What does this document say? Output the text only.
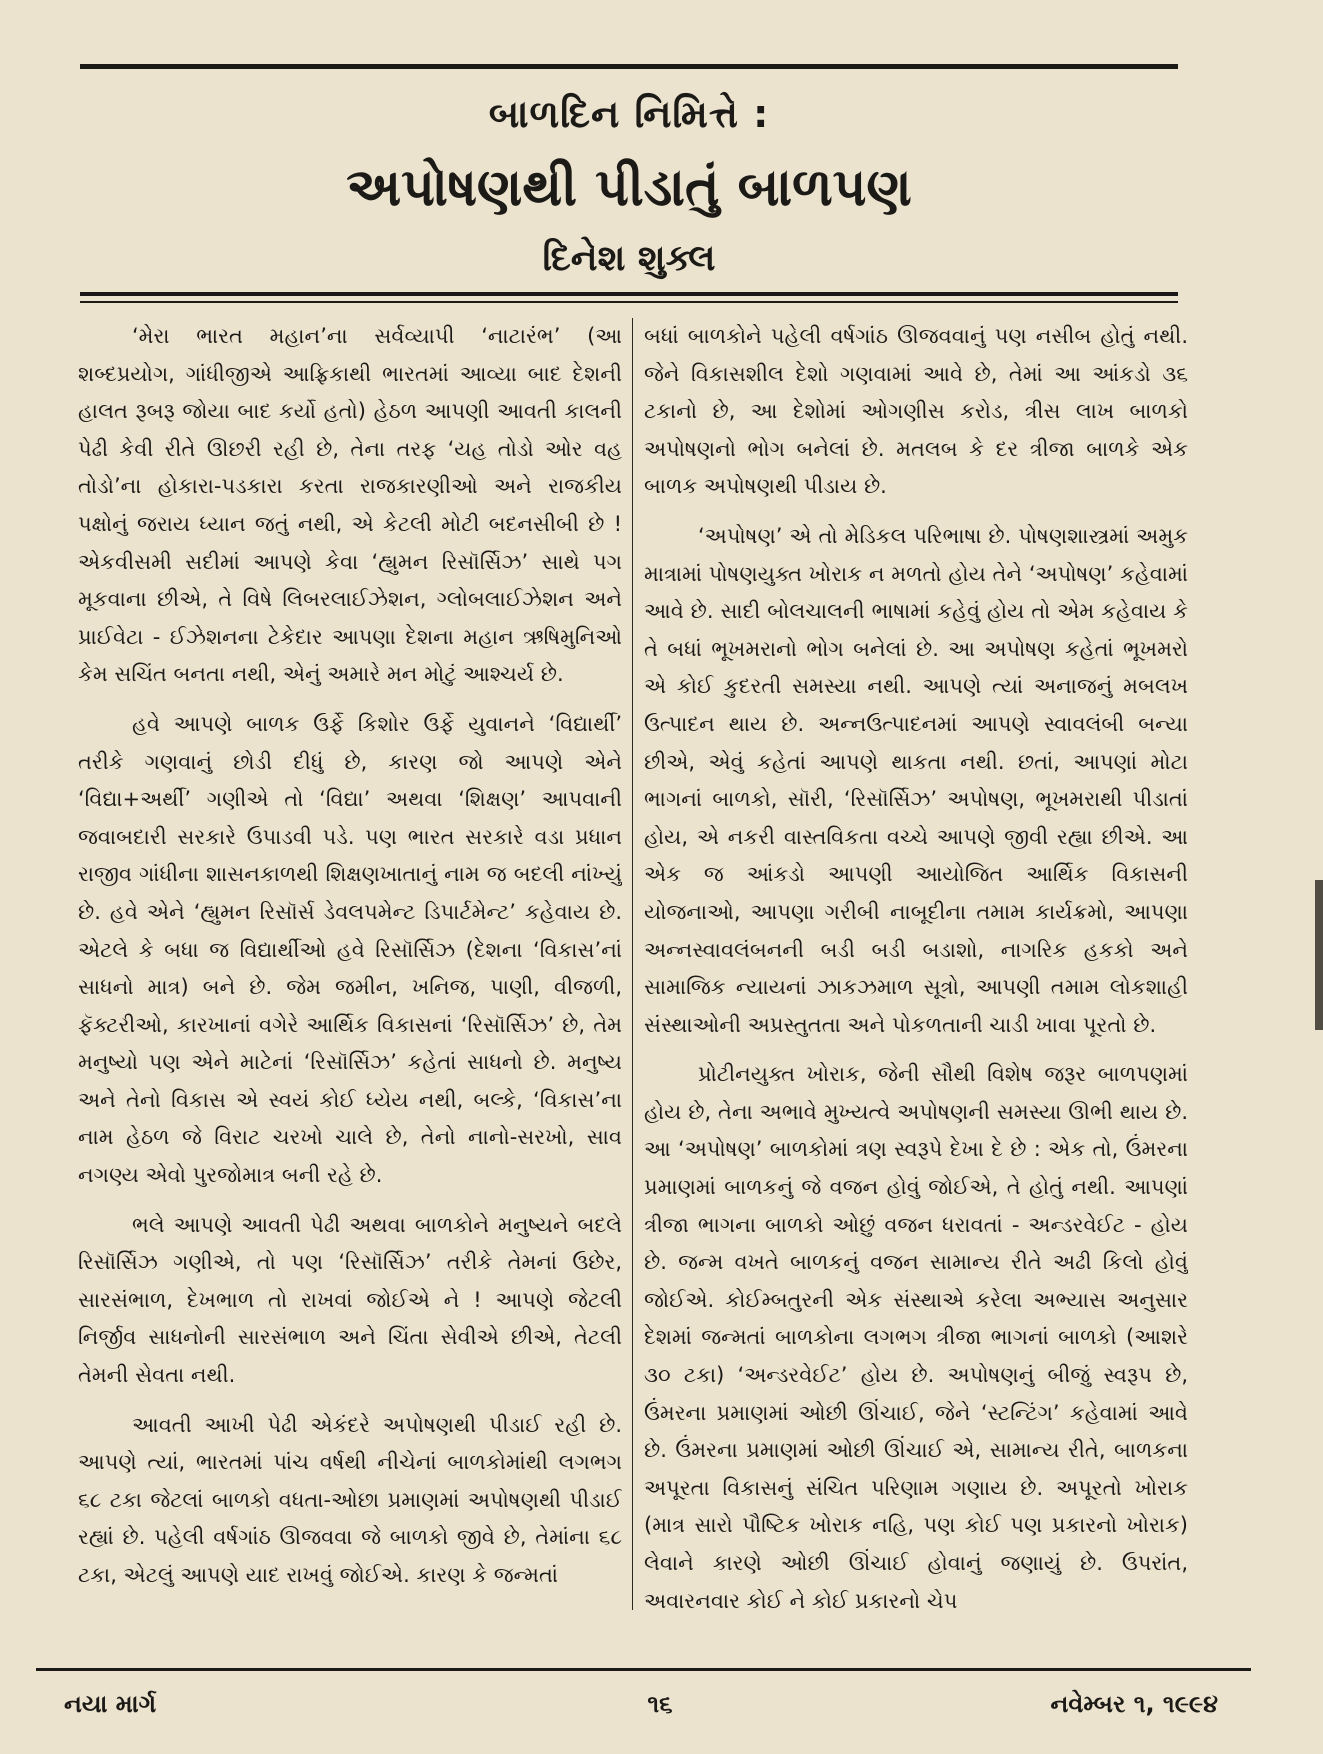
બાળદિન નિમિત્તે :
અપોષણથી પીડાતું બાળપણ
દિનેશ શુક્લ

‘મેરા ભારત મહાન’ના સર્વવ્યાપી ‘નાટારંભ’ (આ શબ્દપ્રયોગ, ગાંધીજીએ આફ્રિકાથી ભારતમાં આવ્યા બાદ દેશની હાલત રૂબરૂ જોયા બાદ કર્યો હતો) હેઠળ આપણી આવતી કાલની પેઢી કેવી રીતે ઊછરી રહી છે, તેના તરફ ‘યહ તોડો ઓર વહ તોડો’ના હોકારા-પડકારા કરતા રાજકારણીઓ અને રાજકીય પક્ષોનું જરાય ધ્યાન જતું નથી, એ કેટલી મોટી બદનસીબી છે ! એકવીસમી સદીમાં આપણે કેવા ‘હ્યુમન રિસૉર્સિઝ’ સાથે પગ મૂકવાના છીએ, તે વિષે લિબરલાઈઝેશન, ગ્લોબલાઈઝેશન અને પ્રાઈવેટા - ઈઝેશનના ટેકેદાર આપણા દેશના મહાન ઋષિમુનિઓ કેમ સચિંત બનતા નથી, એનું અમારે મન મોટું આશ્ચર્ય છે.

હવે આપણે બાળક ઉર્ફે કિશોર ઉર્ફે યુવાનને ‘વિદ્યાર્થી’ તરીકે ગણવાનું છોડી દીધું છે, કારણ જો આપણે એને ‘વિદ્યા+અર્થી’ ગણીએ તો ‘વિદ્યા’ અથવા ‘શિક્ષણ’ આપવાની જવાબદારી સરકારે ઉપાડવી પડે. પણ ભારત સરકારે વડા પ્રધાન રાજીવ ગાંધીના શાસનકાળથી શિક્ષણખાતાનું નામ જ બદલી નાંખ્યું છે. હવે એને ‘હ્યુમન રિસૉર્સ ડેવલપમેન્ટ ડિપાર્ટમેન્ટ’ કહેવાય છે. એટલે કે બધા જ વિદ્યાર્થીઓ હવે રિસૉર્સિઝ (દેશના ‘વિકાસ’નાં સાધનો માત્ર) બને છે. જેમ જમીન, ખનિજ, પાણી, વીજળી, ફૅક્ટરીઓ, કારખાનાં વગેરે આર્થિક વિકાસનાં ‘રિસૉર્સિઝ’ છે, તેમ મનુષ્યો પણ એને માટેનાં ‘રિસૉર્સિઝ’ કહેતાં સાધનો છે. મનુષ્ય અને તેનો વિકાસ એ સ્વયં કોઈ ધ્યેય નથી, બલ્કે, ‘વિકાસ’ના નામ હેઠળ જે વિરાટ ચરખો ચાલે છે, તેનો નાનો-સરખો, સાવ નગણ્ય એવો પુરજોમાત્ર બની રહે છે.

ભલે આપણે આવતી પેઢી અથવા બાળકોને મનુષ્યને બદલે રિસૉર્સિઝ ગણીએ, તો પણ ‘રિસૉર્સિઝ’ તરીકે તેમનાં ઉછેર, સારસંભાળ, દેખભાળ તો રાખવાં જોઈએ ને ! આપણે જેટલી નિર્જીવ સાધનોની સારસંભાળ અને ચિંતા સેવીએ છીએ, તેટલી તેમની સેવતા નથી.

આવતી આખી પેઢી એકંદરે અપોષણથી પીડાઈ રહી છે. આપણે ત્યાં, ભારતમાં પાંચ વર્ષથી નીચેનાં બાળકોમાંથી લગભગ ૬૮ ટકા જેટલાં બાળકો વધતા-ઓછા પ્રમાણમાં અપોષણથી પીડાઈ રહ્યાં છે. પહેલી વર્ષગાંઠ ઊજવવા જે બાળકો જીવે છે, તેમાંના ૬૮ ટકા, એટલું આપણે યાદ રાખવું જોઈએ. કારણ કે જન્મતાં

બધાં બાળકોને પહેલી વર્ષગાંઠ ઊજવવાનું પણ નસીબ હોતું નથી. જેને વિકાસશીલ દેશો ગણવામાં આવે છે, તેમાં આ આંકડો ૩૬ ટકાનો છે, આ દેશોમાં ઓગણીસ કરોડ, ત્રીસ લાખ બાળકો અપોષણનો ભોગ બનેલાં છે. મતલબ કે દર ત્રીજા બાળકે એક બાળક અપોષણથી પીડાય છે.

‘અપોષણ’ એ તો મેડિકલ પરિભાષા છે. પોષણશાસ્ત્રમાં અમુક માત્રામાં પોષણયુક્ત ખોરાક ન મળતો હોય તેને ‘અપોષણ’ કહેવામાં આવે છે. સાદી બોલચાલની ભાષામાં કહેવું હોય તો એમ કહેવાય કે તે બધાં ભૂખમરાનો ભોગ બનેલાં છે. આ અપોષણ કહેતાં ભૂખમરો એ કોઈ કુદરતી સમસ્યા નથી. આપણે ત્યાં અનાજનું મબલખ ઉત્પાદન થાય છે. અન્નઉત્પાદનમાં આપણે સ્વાવલંબી બન્યા છીએ, એવું કહેતાં આપણે થાકતા નથી. છતાં, આપણાં મોટા ભાગનાં બાળકો, સૉરી, ‘રિસૉર્સિઝ’ અપોષણ, ભૂખમરાથી પીડાતાં હોય, એ નકરી વાસ્તવિકતા વચ્ચે આપણે જીવી રહ્યા છીએ. આ એક જ આંકડો આપણી આયોજિત આર્થિક વિકાસની યોજનાઓ, આપણા ગરીબી નાબૂદીના તમામ કાર્યક્રમો, આપણા અન્નસ્વાવલંબનની બડી બડી બડાશો, નાગરિક હકકો અને સામાજિક ન્યાયનાં ઝાકઝમાળ સૂત્રો, આપણી તમામ લોકશાહી સંસ્થાઓની અપ્રસ્તુતતા અને પોકળતાની ચાડી ખાવા પૂરતો છે.

પ્રોટીનયુક્ત ખોરાક, જેની સૌથી વિશેષ જરૂર બાળપણમાં હોય છે, તેના અભાવે મુખ્યત્વે અપોષણની સમસ્યા ઊભી થાય છે. આ ‘અપોષણ’ બાળકોમાં ત્રણ સ્વરૂપે દેખા દે છે : એક તો, ઉંમરના પ્રમાણમાં બાળકનું જે વજન હોવું જોઈએ, તે હોતું નથી. આપણાં ત્રીજા ભાગના બાળકો ઓછું વજન ધરાવતાં - અન્ડરવેઈટ - હોય છે. જન્મ વખતે બાળકનું વજન સામાન્ય રીતે અઢી કિલો હોવું જોઈએ. કોઈમ્બતુરની એક સંસ્થાએ કરેલા અભ્યાસ અનુસાર દેશમાં જન્મતાં બાળકોના લગભગ ત્રીજા ભાગનાં બાળકો (આશરે ૩૦ ટકા) ‘અન્ડરવેઈટ’ હોય છે. અપોષણનું બીજું સ્વરૂપ છે, ઉંમરના પ્રમાણમાં ઓછી ઊંચાઈ, જેને ‘સ્ટન્ટિંગ’ કહેવામાં આવે છે. ઉંમરના પ્રમાણમાં ઓછી ઊંચાઈ એ, સામાન્ય રીતે, બાળકના અપૂરતા વિકાસનું સંચિત પરિણામ ગણાય છે. અપૂરતો ખોરાક (માત્ર સારો પૌષ્ટિક ખોરાક નહિ, પણ કોઈ પણ પ્રકારનો ખોરાક) લેવાને કારણે ઓછી ઊંચાઈ હોવાનું જણાયું છે. ઉપરાંત, અવારનવાર કોઈ ને કોઈ પ્રકારનો ચેપ

નયા માર્ગ	૧૬	નવેમ્બર ૧, ૧૯૯૪
